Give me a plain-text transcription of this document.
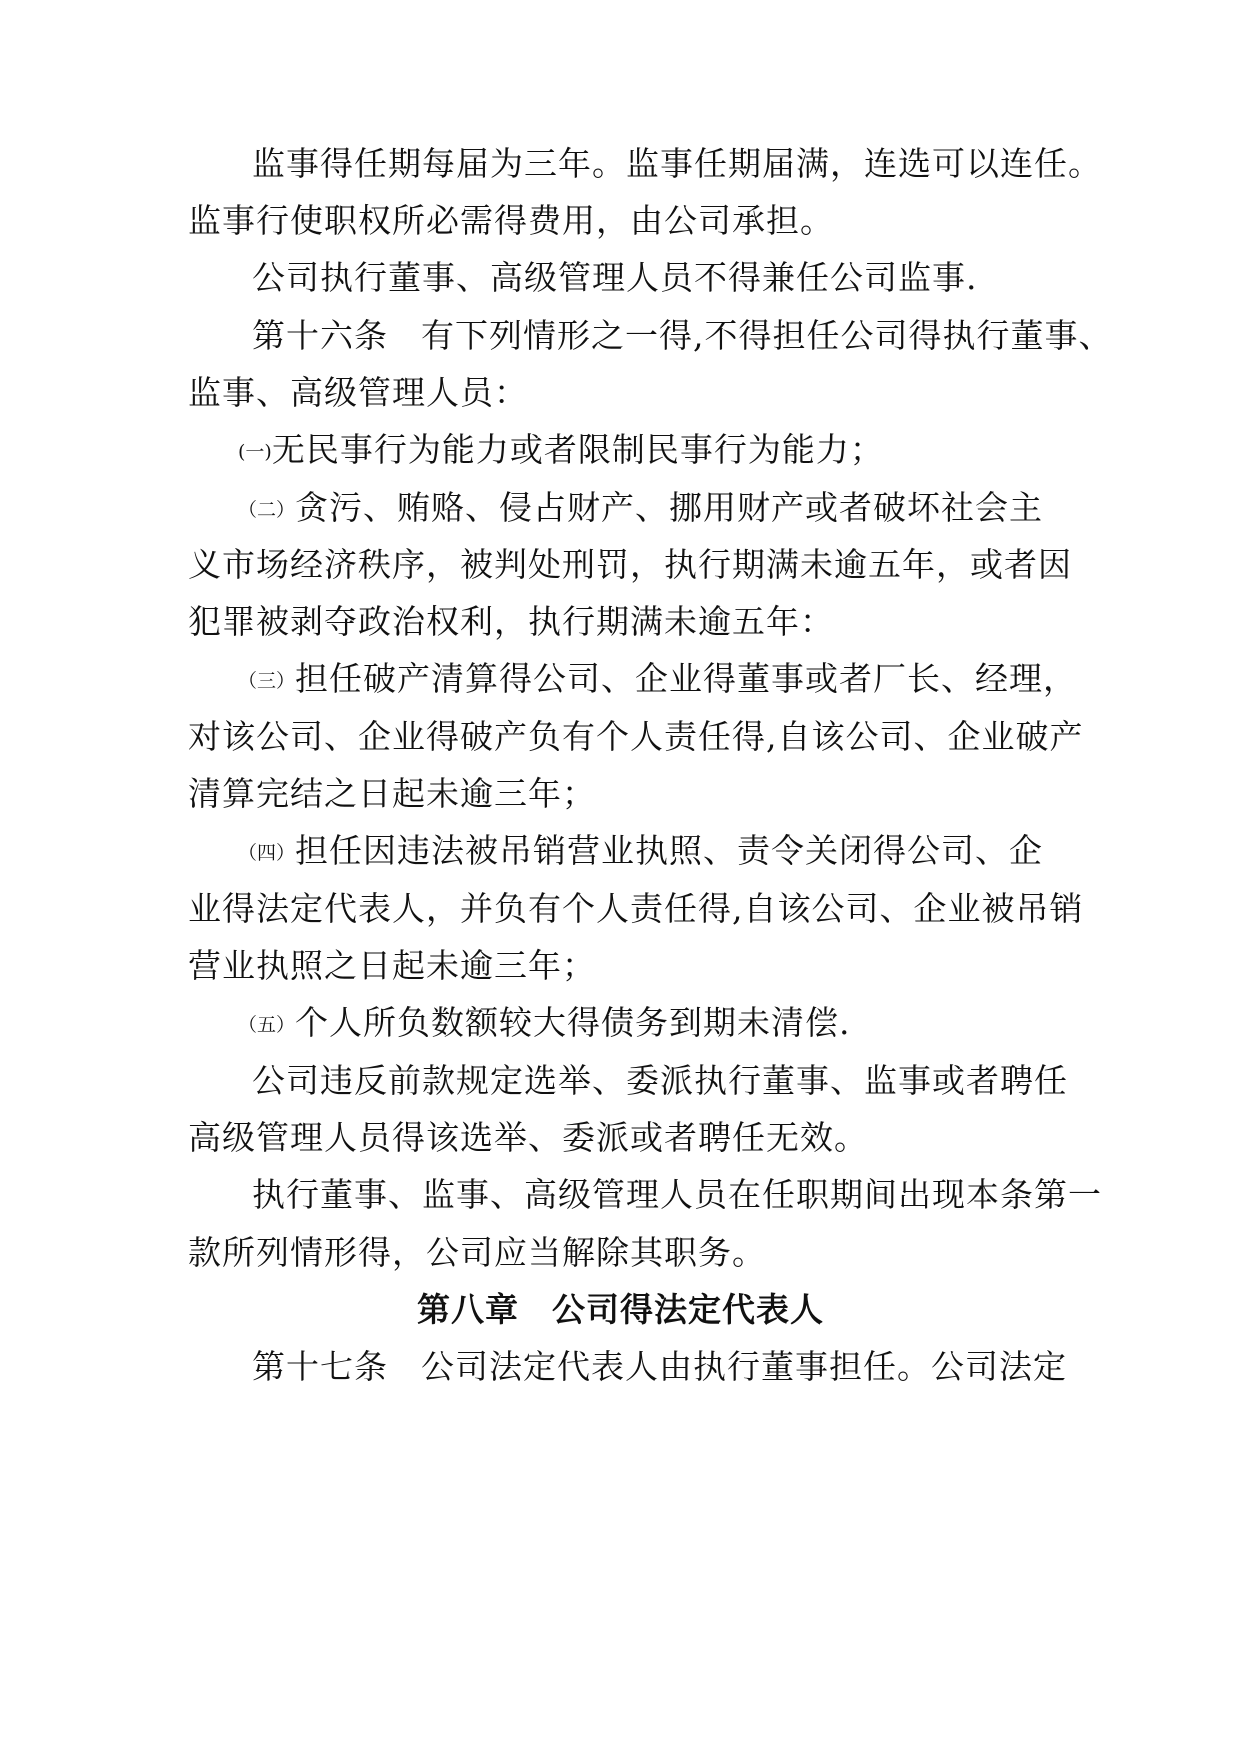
监事得任期每届为三年。监事任期届满，连选可以连任。
监事行使职权所必需得费用，由公司承担。
公司执行董事、高级管理人员不得兼任公司监事.
第十六条 有下列情形之一得,不得担任公司得执行董事、
监事、高级管理人员：
(一)无民事行为能力或者限制民事行为能力；
（二）贪污、贿赂、侵占财产、挪用财产或者破坏社会主
义市场经济秩序，被判处刑罚，执行期满未逾五年，或者因
犯罪被剥夺政治权利，执行期满未逾五年：
（三）担任破产清算得公司、企业得董事或者厂长、经理，
对该公司、企业得破产负有个人责任得,自该公司、企业破产
清算完结之日起未逾三年；
（四）担任因违法被吊销营业执照、责令关闭得公司、企
业得法定代表人，并负有个人责任得,自该公司、企业被吊销
营业执照之日起未逾三年；
（五）个人所负数额较大得债务到期未清偿.
公司违反前款规定选举、委派执行董事、监事或者聘任
高级管理人员得该选举、委派或者聘任无效。
执行董事、监事、高级管理人员在任职期间出现本条第一
款所列情形得，公司应当解除其职务。
第八章 公司得法定代表人
第十七条 公司法定代表人由执行董事担任。公司法定
